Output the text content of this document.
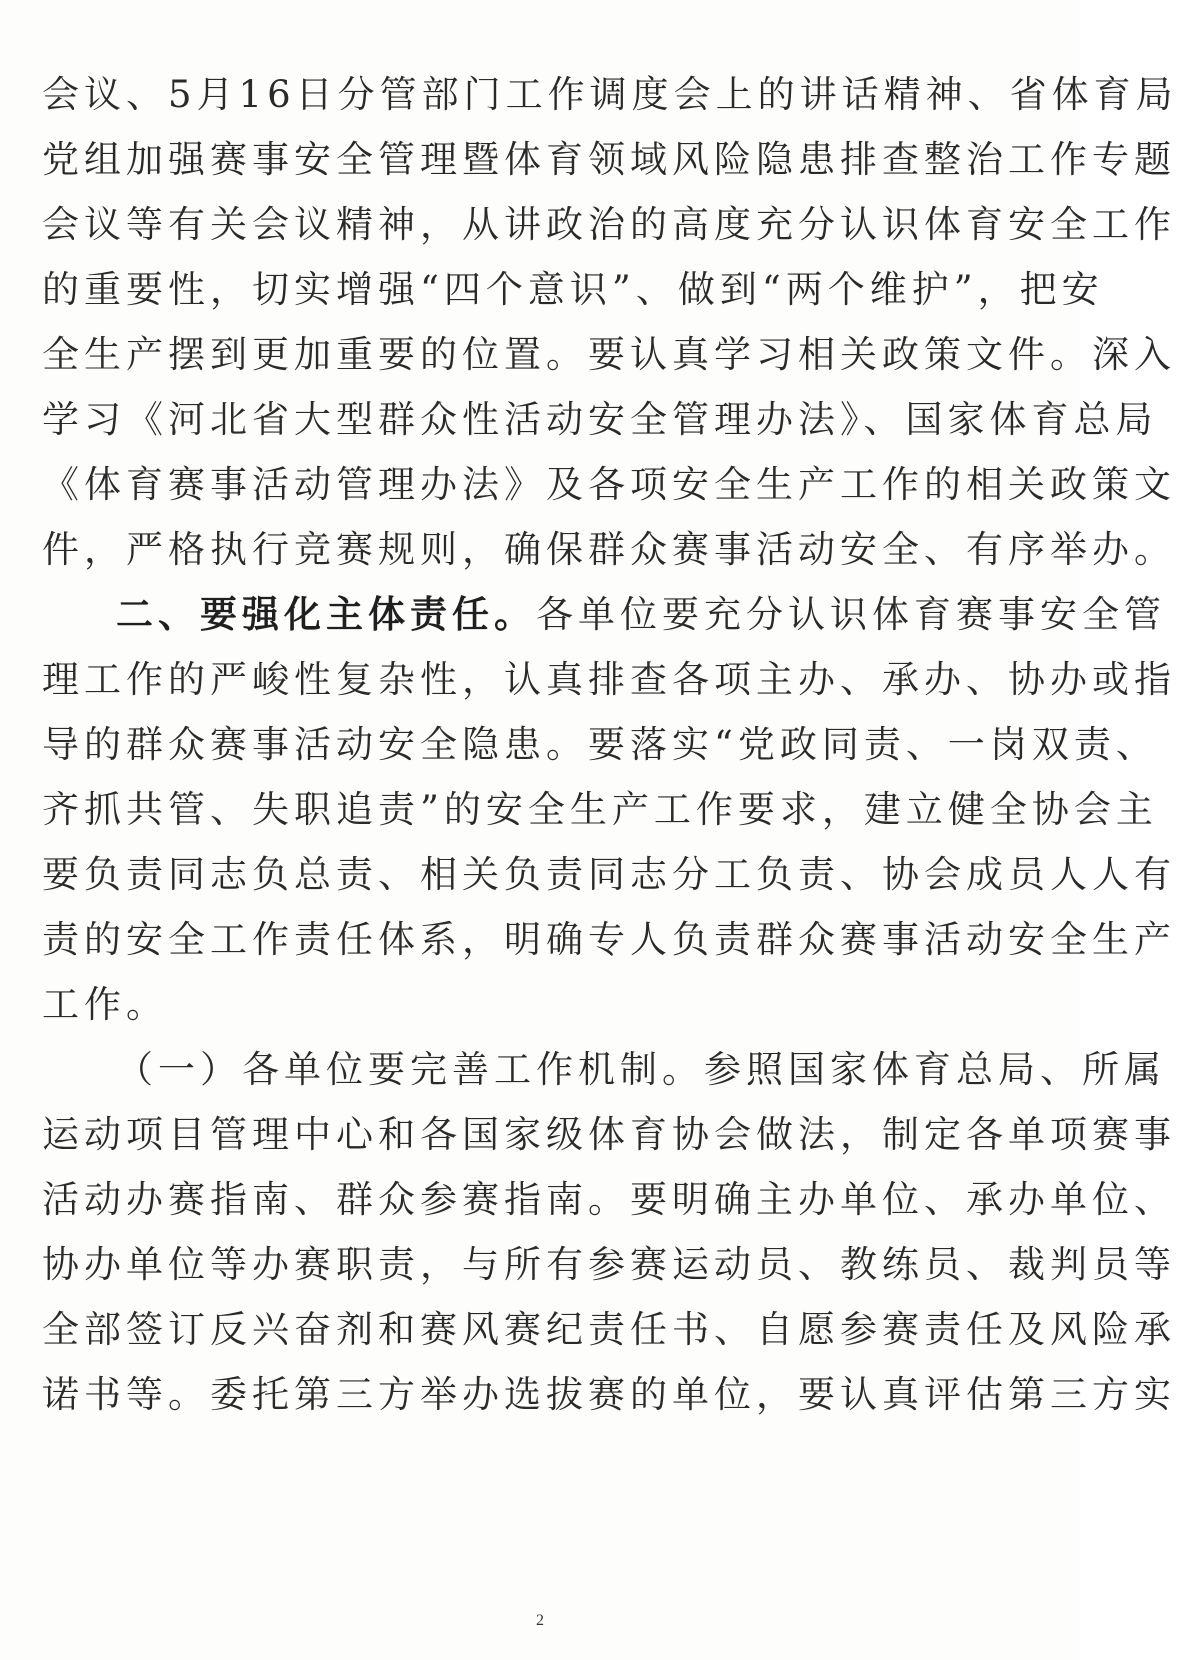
会议、5月16日分管部门工作调度会上的讲话精神、省体育局
党组加强赛事安全管理暨体育领域风险隐患排查整治工作专题
会议等有关会议精神，从讲政治的高度充分认识体育安全工作
的重要性，切实增强“四个意识”、做到“两个维护”，把安
全生产摆到更加重要的位置。要认真学习相关政策文件。深入
学习《河北省大型群众性活动安全管理办法》、国家体育总局
《体育赛事活动管理办法》及各项安全生产工作的相关政策文
件，严格执行竞赛规则，确保群众赛事活动安全、有序举办。
二、要强化主体责任。各单位要充分认识体育赛事安全管
理工作的严峻性复杂性，认真排查各项主办、承办、协办或指
导的群众赛事活动安全隐患。要落实“党政同责、一岗双责、
齐抓共管、失职追责”的安全生产工作要求，建立健全协会主
要负责同志负总责、相关负责同志分工负责、协会成员人人有
责的安全工作责任体系，明确专人负责群众赛事活动安全生产
工作。
（一）各单位要完善工作机制。参照国家体育总局、所属
运动项目管理中心和各国家级体育协会做法，制定各单项赛事
活动办赛指南、群众参赛指南。要明确主办单位、承办单位、
协办单位等办赛职责，与所有参赛运动员、教练员、裁判员等
全部签订反兴奋剂和赛风赛纪责任书、自愿参赛责任及风险承
诺书等。委托第三方举办选拔赛的单位，要认真评估第三方实
2
